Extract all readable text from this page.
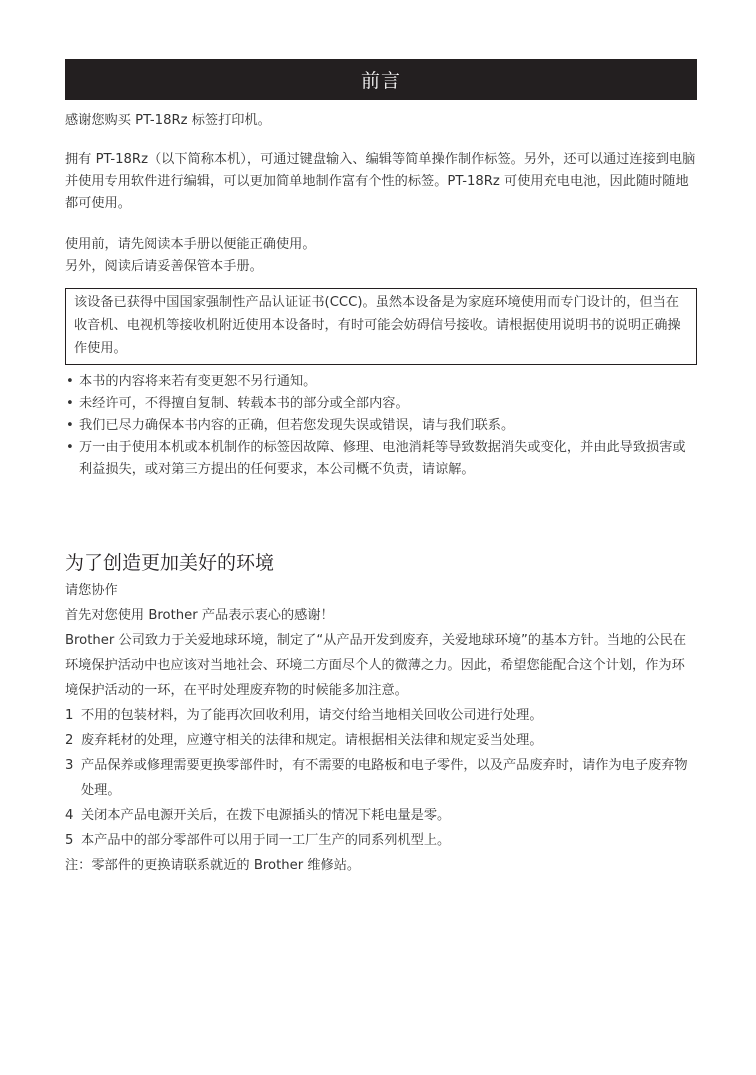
前言

感谢您购买 PT-18Rz 标签打印机。

拥有 PT-18Rz（以下简称本机），可通过键盘输入、编辑等简单操作制作标签。另外，还可以通过连接到电脑并使用专用软件进行编辑，可以更加简单地制作富有个性的标签。PT-18Rz 可使用充电电池，因此随时随地都可使用。

使用前，请先阅读本手册以便能正确使用。

另外，阅读后请妥善保管本手册。

该设备已获得中国国家强制性产品认证证书(CCC)。虽然本设备是为家庭环境使用而专门设计的，但当在收音机、电视机等接收机附近使用本设备时，有时可能会妨碍信号接收。请根据使用说明书的说明正确操作使用。

• 本书的内容将来若有变更恕不另行通知。
• 未经许可，不得擅自复制、转载本书的部分或全部内容。
• 我们已尽力确保本书内容的正确，但若您发现失误或错误，请与我们联系。
• 万一由于使用本机或本机制作的标签因故障、修理、电池消耗等导致数据消失或变化，并由此导致损害或利益损失，或对第三方提出的任何要求，本公司概不负责，请谅解。
为了创造更加美好的环境

请您协作

首先对您使用 Brother 产品表示衷心的感谢！

Brother 公司致力于关爱地球环境，制定了“从产品开发到废弃，关爱地球环境”的基本方针。当地的公民在环境保护活动中也应该对当地社会、环境二方面尽个人的微薄之力。因此，希望您能配合这个计划，作为环境保护活动的一环，在平时处理废弃物的时候能多加注意。

1 不用的包装材料，为了能再次回收利用，请交付给当地相关回收公司进行处理。
2 废弃耗材的处理，应遵守相关的法律和规定。请根据相关法律和规定妥当处理。
3 产品保养或修理需要更换零部件时，有不需要的电路板和电子零件，以及产品废弃时，请作为电子废弃物处理。
4 关闭本产品电源开关后，在拨下电源插头的情况下耗电量是零。
5 本产品中的部分零部件可以用于同一工厂生产的同系列机型上。

注：零部件的更换请联系就近的 Brother 维修站。
